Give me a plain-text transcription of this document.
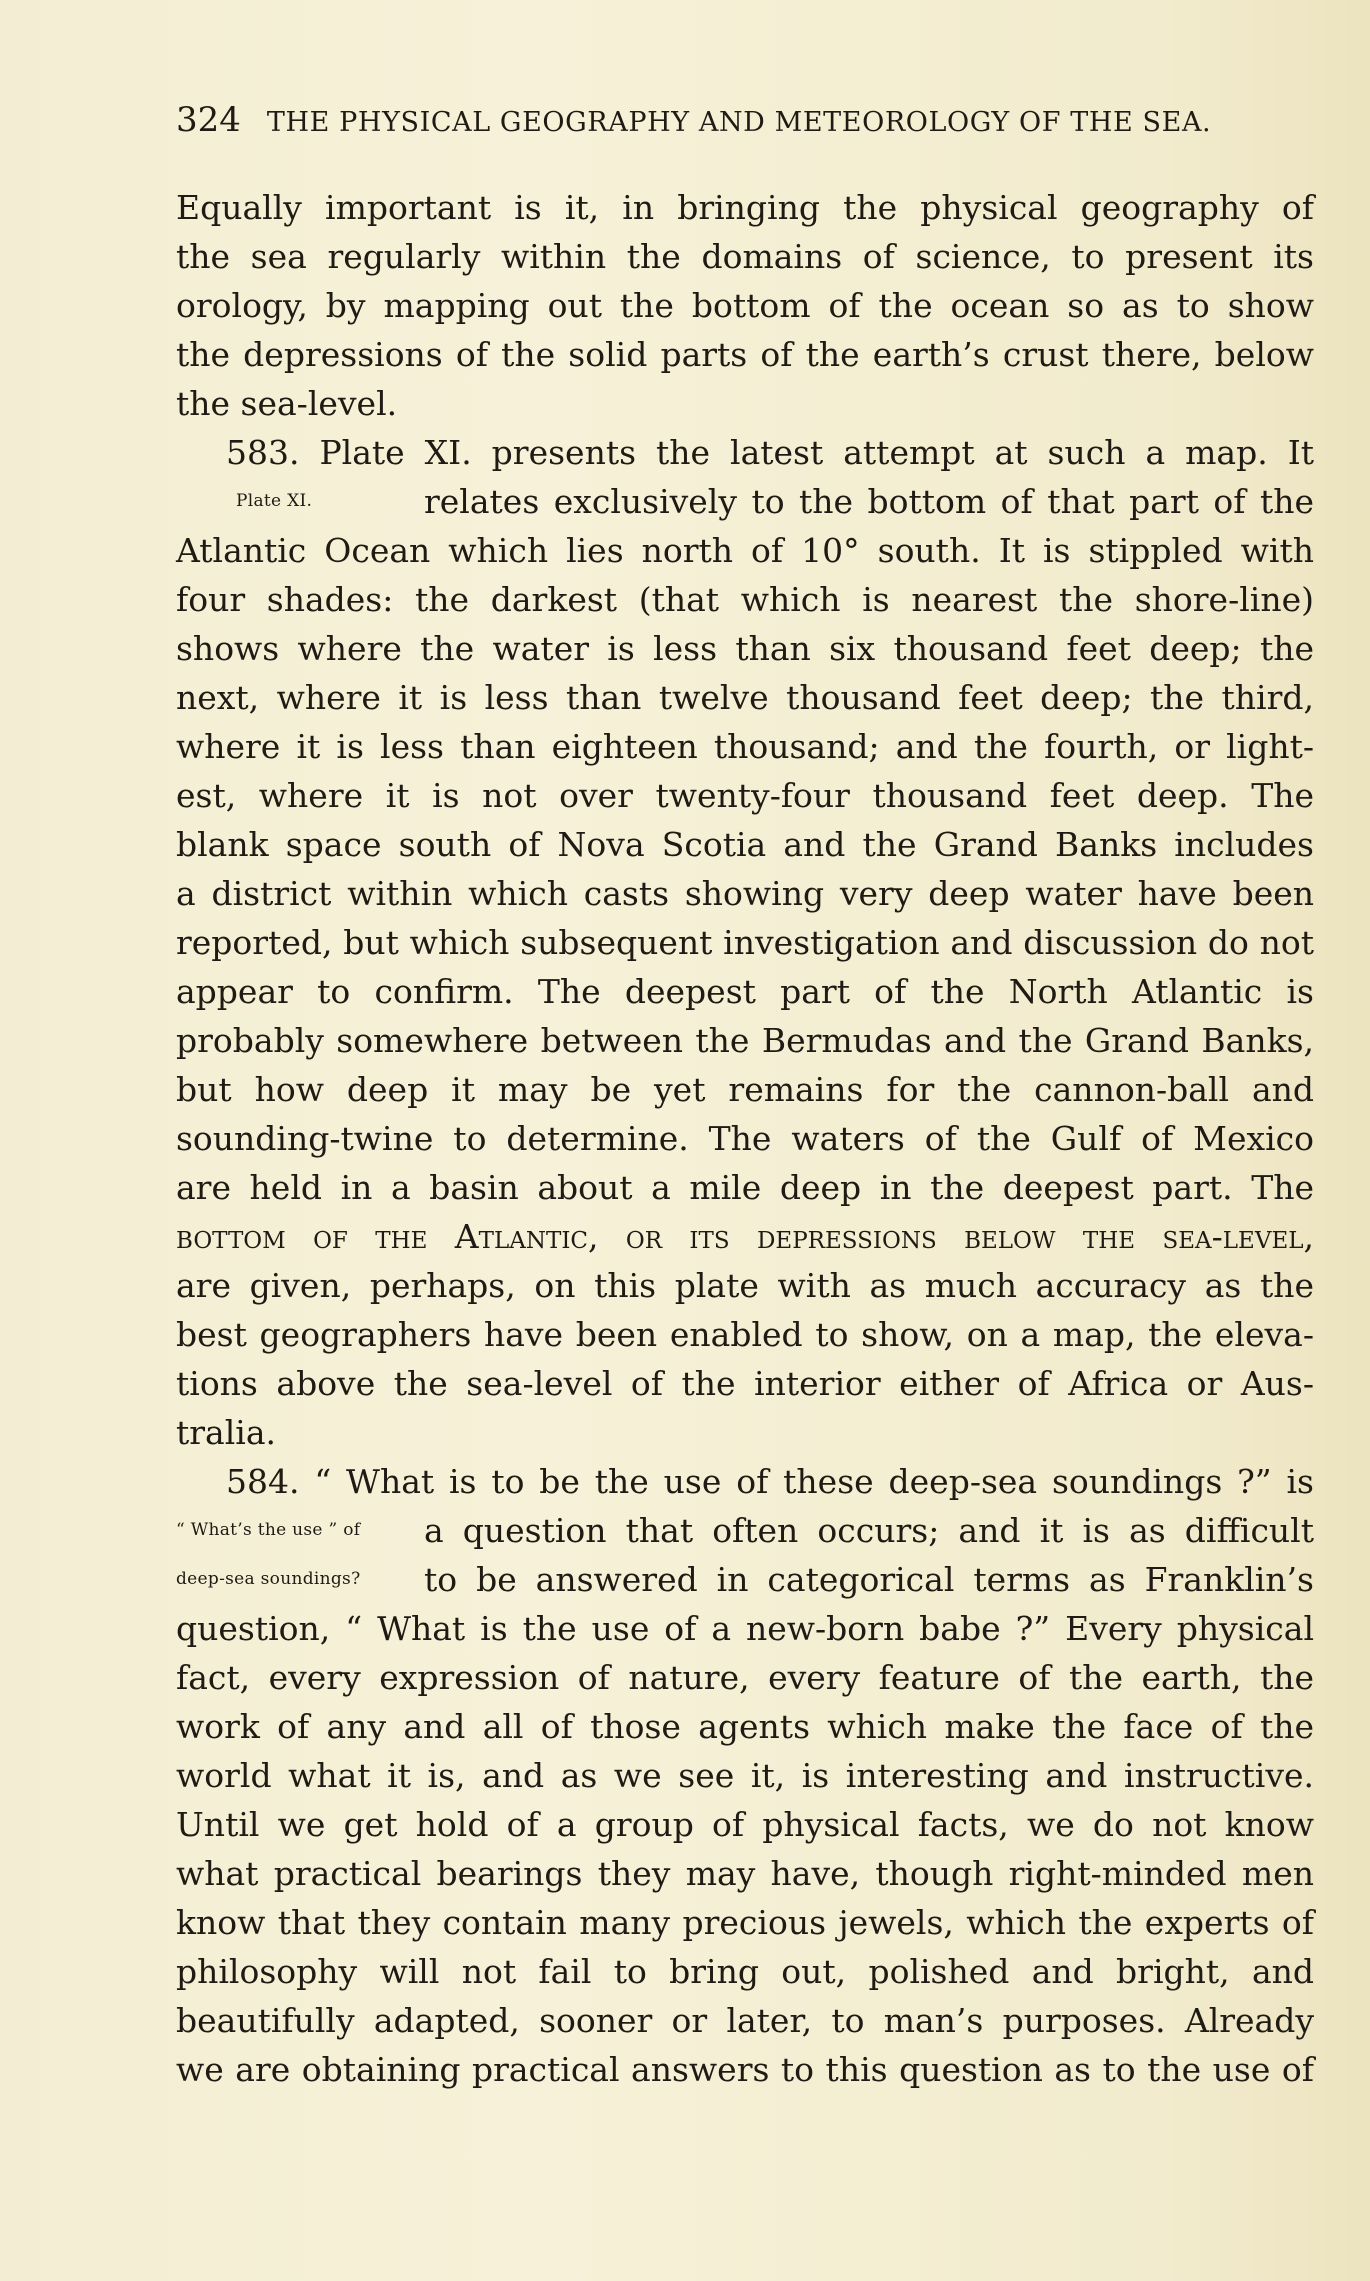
324 THE PHYSICAL GEOGRAPHY AND METEOROLOGY OF THE SEA.
Equally important is it, in bringing the physical geography of
the sea regularly within the domains of science, to present its
orology, by mapping out the bottom of the ocean so as to show
the depressions of the solid parts of the earth’s crust there, below
the sea-level.
583. Plate XI. presents the latest attempt at such a map. It
Plate XI.	relates exclusively to the bottom of that part of the
Atlantic Ocean which lies north of 10° south. It is stippled with
four shades: the darkest (that which is nearest the shore-line)
shows where the water is less than six thousand feet deep; the
next, where it is less than twelve thousand feet deep; the third,
where it is less than eighteen thousand; and the fourth, or light-
est, where it is not over twenty-four thousand feet deep. The
blank space south of Nova Scotia and the Grand Banks includes
a district within which casts showing very deep water have been
reported, but which subsequent investigation and discussion do not
appear to confirm. The deepest part of the North Atlantic is
probably somewhere between the Bermudas and the Grand Banks,
but how deep it may be yet remains for the cannon-ball and
sounding-twine to determine. The waters of the Gulf of Mexico
are held in a basin about a mile deep in the deepest part. The
bottom of the Atlantic, or its depressions below the sea-level,
are given, perhaps, on this plate with as much accuracy as the
best geographers have been enabled to show, on a map, the eleva-
tions above the sea-level of the interior either of Africa or Aus-
tralia.
584. “ What is to be the use of these deep-sea soundings ?” is
“ What’s the use ” of a question that often occurs; and it is as difficult
deep-sea soundings? to be answered in categorical terms as Franklin’s
question, “ What is the use of a new-born babe ?” Every physical
fact, every expression of nature, every feature of the earth, the
work of any and all of those agents which make the face of the
world what it is, and as we see it, is interesting and instructive.
Until we get hold of a group of physical facts, we do not know
what practical bearings they may have, though right-minded men
know that they contain many precious jewels, which the experts of
philosophy will not fail to bring out, polished and bright, and
beautifully adapted, sooner or later, to man’s purposes. Already
we are obtaining practical answers to this question as to the use of
